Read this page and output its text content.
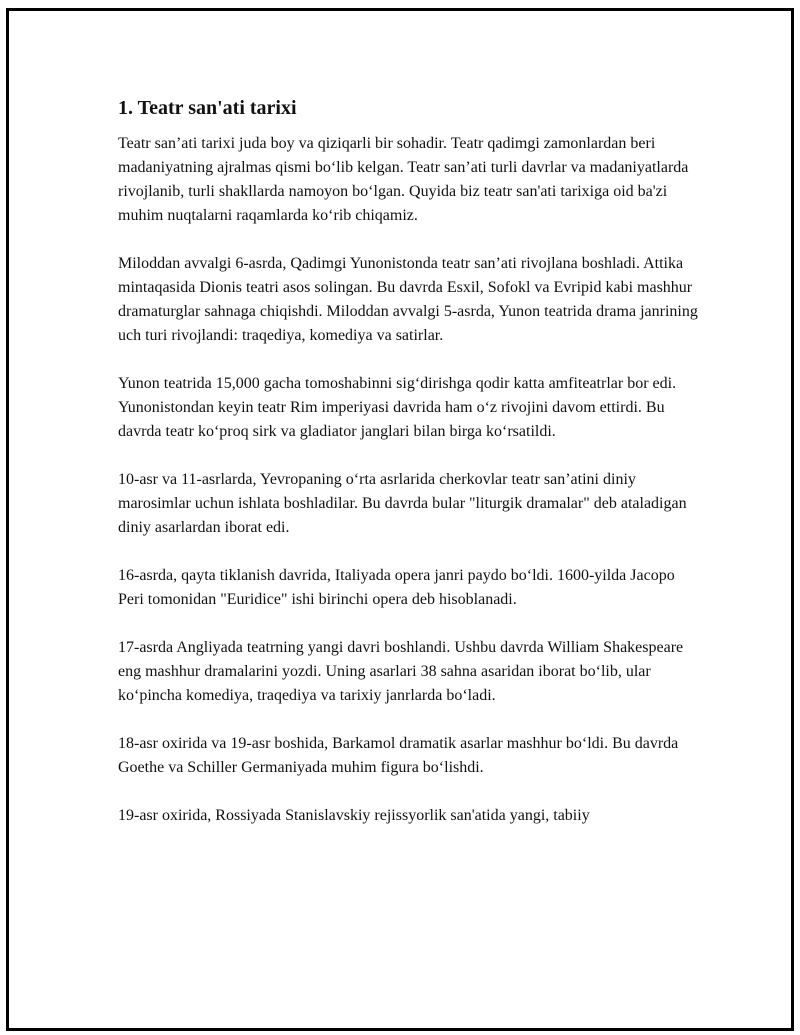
1. Teatr san'ati tarixi

Teatr san’ati tarixi juda boy va qiziqarli bir sohadir. Teatr qadimgi zamonlardan beri madaniyatning ajralmas qismi bo‘lib kelgan. Teatr san’ati turli davrlar va madaniyatlarda rivojlanib, turli shakllarda namoyon bo‘lgan. Quyida biz teatr san'ati tarixiga oid ba'zi muhim nuqtalarni raqamlarda ko‘rib chiqamiz.

Miloddan avvalgi 6-asrda, Qadimgi Yunonistonda teatr san’ati rivojlana boshladi. Attika mintaqasida Dionis teatri asos solingan. Bu davrda Esxil, Sofokl va Evripid kabi mashhur dramaturglar sahnaga chiqishdi. Miloddan avvalgi 5-asrda, Yunon teatrida drama janrining uch turi rivojlandi: traqediya, komediya va satirlar.

Yunon teatrida 15,000 gacha tomoshabinni sig‘dirishga qodir katta amfiteatrlar bor edi. Yunonistondan keyin teatr Rim imperiyasi davrida ham o‘z rivojini davom ettirdi. Bu davrda teatr ko‘proq sirk va gladiator janglari bilan birga ko‘rsatildi.

10-asr va 11-asrlarda, Yevropaning o‘rta asrlarida cherkovlar teatr san’atini diniy marosimlar uchun ishlata boshladilar. Bu davrda bular "liturgik dramalar" deb ataladigan diniy asarlardan iborat edi.

16-asrda, qayta tiklanish davrida, Italiyada opera janri paydo bo‘ldi. 1600-yilda Jacopo Peri tomonidan "Euridice" ishi birinchi opera deb hisoblanadi.

17-asrda Angliyada teatrning yangi davri boshlandi. Ushbu davrda William Shakespeare eng mashhur dramalarini yozdi. Uning asarlari 38 sahna asaridan iborat bo‘lib, ular ko‘pincha komediya, traqediya va tarixiy janrlarda bo‘ladi.

18-asr oxirida va 19-asr boshida, Barkamol dramatik asarlar mashhur bo‘ldi. Bu davrda Goethe va Schiller Germaniyada muhim figura bo‘lishdi.

19-asr oxirida, Rossiyada Stanislavskiy rejissyorlik san'atida yangi, tabiiy
